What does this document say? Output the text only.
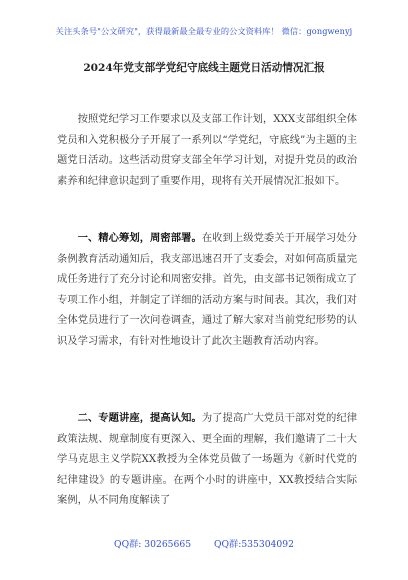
关注头条号"公文研究"，获得最新最全最专业的公文资料库！ 微信：gongwenyj
2024年党支部学党纪守底线主题党日活动情况汇报

按照党纪学习工作要求以及支部工作计划，XXX支部组织全体党员和入党积极分子开展了一系列以“学党纪，守底线”为主题的主题党日活动。这些活动贯穿支部全年学习计划，对提升党员的政治素养和纪律意识起到了重要作用，现将有关开展情况汇报如下。

一、精心筹划，周密部署。在收到上级党委关于开展学习处分条例教育活动通知后，我支部迅速召开了支委会，对如何高质量完成任务进行了充分讨论和周密安排。首先，由支部书记领衔成立了专项工作小组，并制定了详细的活动方案与时间表。其次，我们对全体党员进行了一次问卷调查，通过了解大家对当前党纪形势的认识及学习需求，有针对性地设计了此次主题教育活动内容。

二、专题讲座，提高认知。为了提高广大党员干部对党的纪律政策法规、规章制度有更深入、更全面的理解，我们邀请了二十大学马克思主义学院XX教授为全体党员做了一场题为《新时代党的纪律建设》的专题讲座。在两个小时的讲座中，XX教授结合实际案例，从不同角度解读了

QQ群: 30265665 QQ群:535304092
